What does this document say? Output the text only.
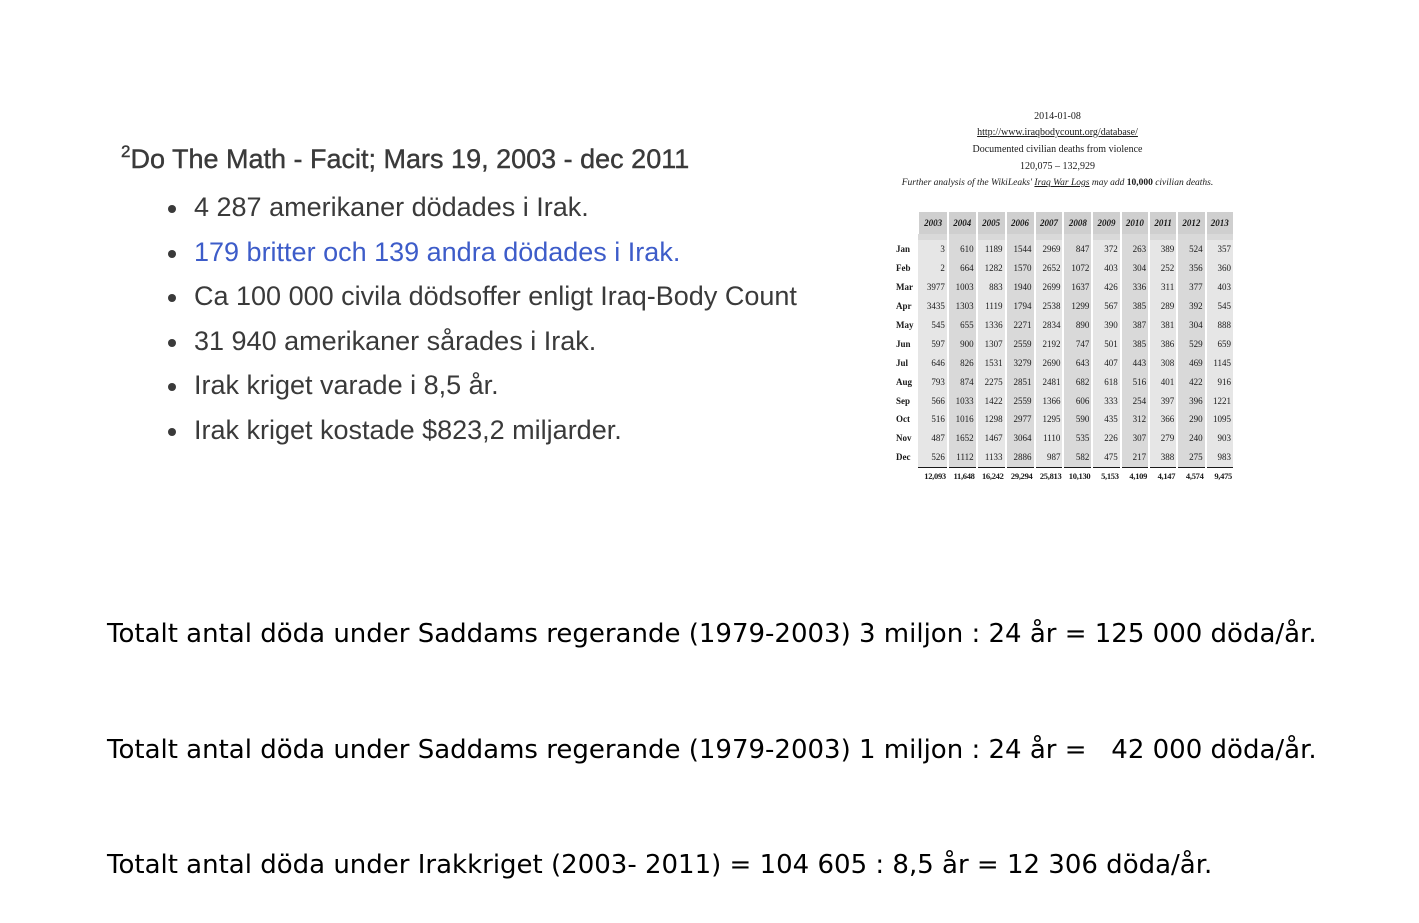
$^2$Do The Math - Facit; Mars 19, 2003 - dec 2011
4 287 amerikaner dödades i Irak.
179 britter och 139 andra dödades i Irak.
Ca 100 000 civila dödsoffer enligt Iraq-Body Count
31 940 amerikaner sårades i Irak.
Irak kriget varade i 8,5 år.
Irak kriget kostade $823,2 miljarder.
2014-01-08
http://www.iraqbodycount.org/database/
Documented civilian deaths from violence
120,075 – 132,929
Further analysis of the WikiLeaks' Iraq War Logs may add 10,000 civilian deaths.
	2003	2004	2005	2006	2007	2008	2009	2010	2011	2012	2013

Jan	3	610	1189	1544	2969	847	372	263	389	524	357
Feb	2	664	1282	1570	2652	1072	403	304	252	356	360
Mar	3977	1003	883	1940	2699	1637	426	336	311	377	403
Apr	3435	1303	1119	1794	2538	1299	567	385	289	392	545
May	545	655	1336	2271	2834	890	390	387	381	304	888
Jun	597	900	1307	2559	2192	747	501	385	386	529	659
Jul	646	826	1531	3279	2690	643	407	443	308	469	1145
Aug	793	874	2275	2851	2481	682	618	516	401	422	916
Sep	566	1033	1422	2559	1366	606	333	254	397	396	1221
Oct	516	1016	1298	2977	1295	590	435	312	366	290	1095
Nov	487	1652	1467	3064	1110	535	226	307	279	240	903
Dec	526	1112	1133	2886	987	582	475	217	388	275	983
	12,093	11,648	16,242	29,294	25,813	10,130	5,153	4,109	4,147	4,574	9,475

Totalt antal döda under Saddams regerande (1979-2003) 3 miljon : 24 år = 125 000 döda/år.

Totalt antal döda under Saddams regerande (1979-2003) 1 miljon : 24 år =   42 000 döda/år.

Totalt antal döda under Irakkriget (2003- 2011) = 104 605 : 8,5 år = 12 306 döda/år.
